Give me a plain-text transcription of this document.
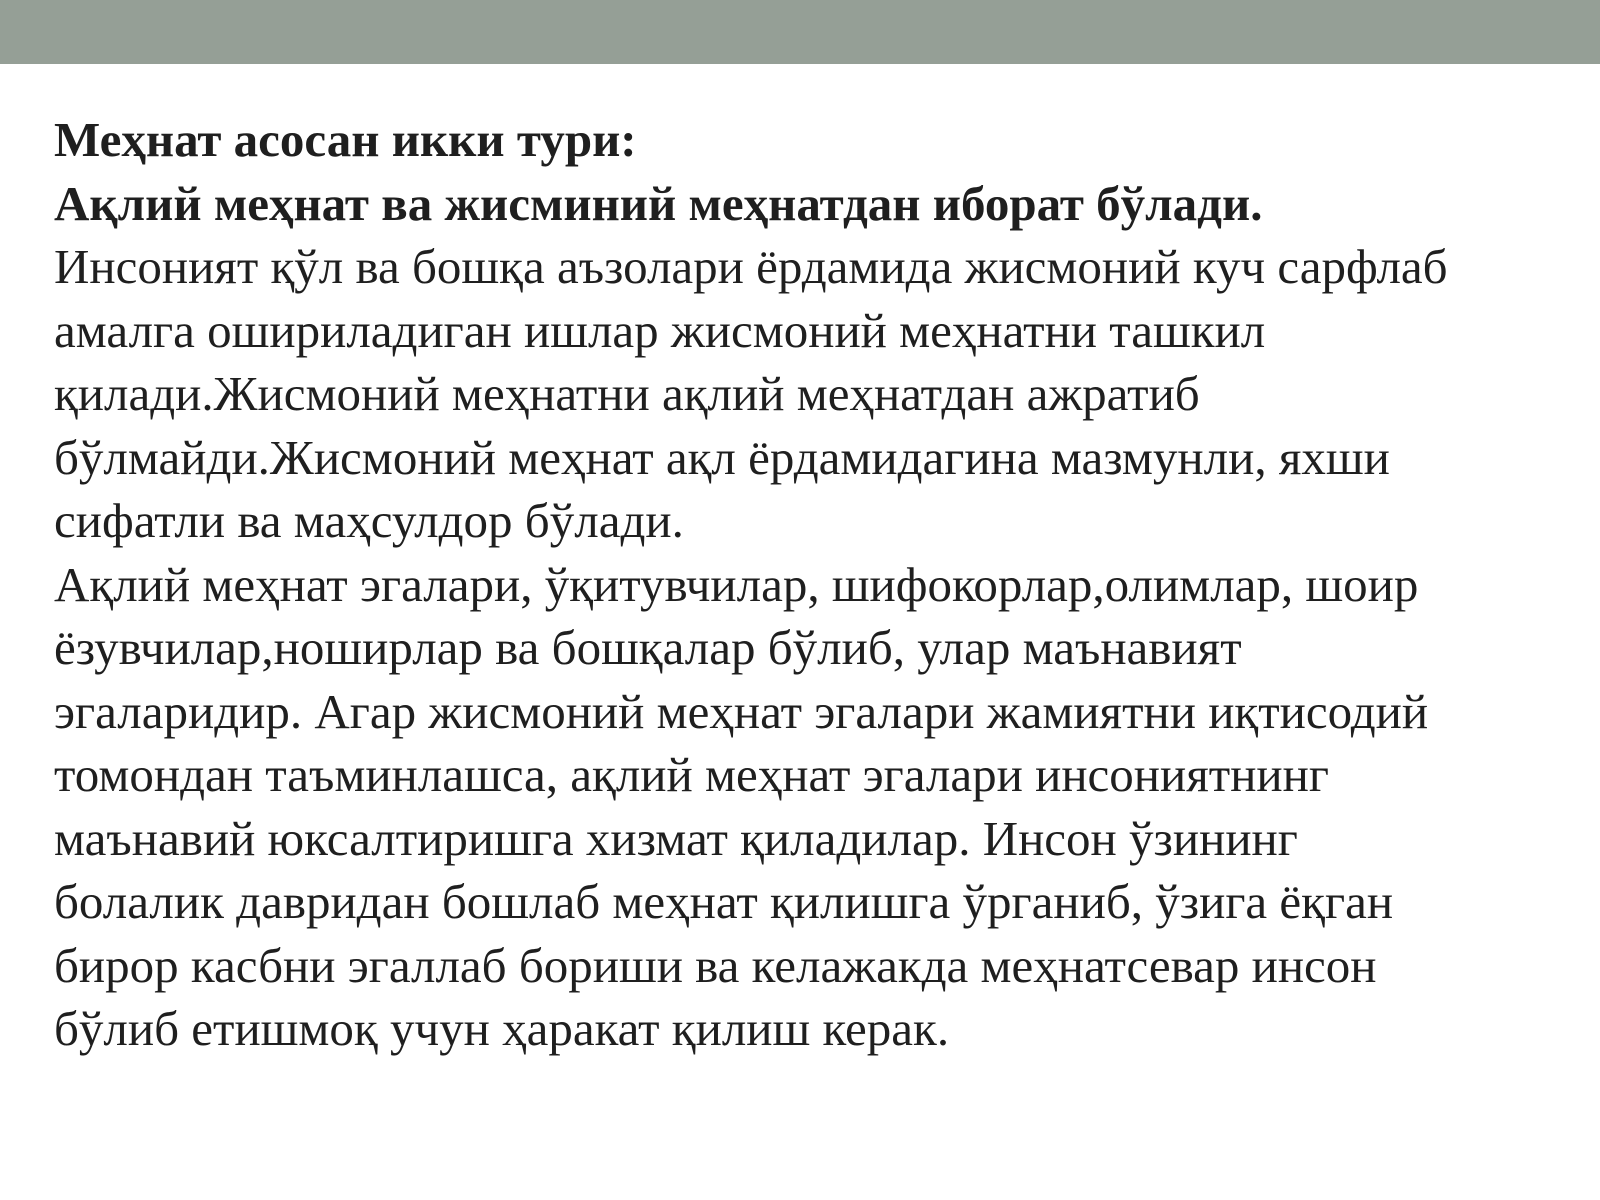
Меҳнат асосан икки тури:
Ақлий меҳнат ва жисминий меҳнатдан иборат бўлади.
Инсоният қўл ва бошқа аъзолари ёрдамида жисмоний куч сарфлаб
амалга ошириладиган ишлар жисмоний меҳнатни ташкил
қилади.Жисмоний меҳнатни ақлий меҳнатдан ажратиб
бўлмайди.Жисмоний меҳнат ақл ёрдамидагина мазмунли, яхши
сифатли ва маҳсулдор бўлади.
Ақлий меҳнат эгалари, ўқитувчилар, шифокорлар,олимлар, шоир
ёзувчилар,ноширлар ва бошқалар бўлиб, улар маънавият
эгаларидир. Агар жисмоний меҳнат эгалари жамиятни иқтисодий
томондан таъминлашса, ақлий меҳнат эгалари инсониятнинг
маънавий юксалтиришга хизмат қиладилар. Инсон ўзининг
болалик давридан бошлаб меҳнат қилишга ўрганиб, ўзига ёқган
бирор касбни эгаллаб бориши ва келажакда меҳнатсевар инсон
бўлиб етишмоқ учун ҳаракат қилиш керак.
